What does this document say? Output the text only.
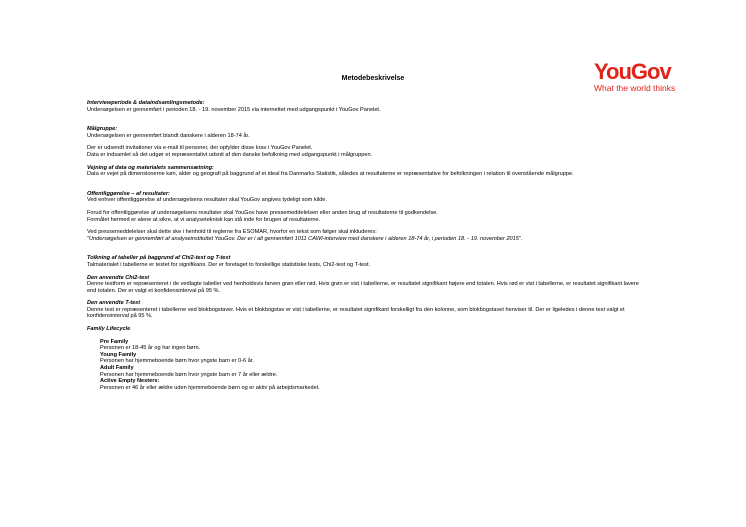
Metodebeskrivelse	YouGov
What the world thinks
Interviewperiode & dataindsamlingsmetode:
Undersøgelsen er gennemført i perioden 18. - 19. november 2015 via internettet med udgangspunkt i YouGov Panelet.
Målgruppe:
Undersøgelsen er gennemført blandt danskere i alderen 18-74 år.
Der er udsendt invitationer via e-mail til personer, der opfylder disse krav i YouGov Panelet.
Data er indsamlet så det udgør et repræsentativt udsnit af den danske befolkning med udgangspunkt i målgruppen.
Vejning af data og materialets sammensætning:
Data er vejet på dimensionerne køn, alder og geografi på baggrund af et ideal fra Danmarks Statistik, således at resultaterne er repræsentative for befolkningen i relation til ovenstående målgruppe.
Offentliggørelse – af resultater:
Ved enhver offentliggørelse af undersøgelsens resultater skal YouGov angives tydeligt som kilde.
Forud for offentliggørelse af undersøgelsens resultater skal YouGov have pressemeddelelsen eller anden brug af resultaterne til godkendelse.
Formålet hermed er alene at sikre, at vi analyseteknisk kan stå inde for brugen af resultaterne.
Ved pressemeddelelser skal dette ske i henhold til reglerne fra ESOMAR, hvorfor en tekst som følger skal inkluderes:
"Undersøgelsen er gennemført af analyseinstituttet YouGov. Der er i alt gennemført 1011 CAWI-interview med danskere i alderen 18-74 år, i perioden 18. - 19. november 2015".
Tolkning af tabeller på baggrund af Chi2-test og T-test
Talmaterialet i tabellerne er testet for signifikans. Der er foretaget to forskellige statistiske tests, Chi2-test og T-test.
Den anvendte Chi2-test
Denne testform er repræsenteret i de vedlagte tabeller ved henholdsvis farven grøn eller rød. Hvis grøn er vist i tabellerne, er resultatet signifikant højere end totalen. Hvis rød er vist i tabellerne, er resultatet signifikant lavere end totalen. Der er valgt et konfidensinterval på 95 %.
Den anvendte T-test
Denne test er repræsenteret i tabellerne ved blokbogstaver. Hvis et blokbogstav er vist i tabellerne, er resultatet signifikant forskelligt fra den kolonne, som blokbogstavet henviser til. Der er ligeledes i denne test valgt et konfidensinterval på 95 %.
Family Lifecycle
Pre Family
Personen er 18-45 år og har ingen børn.
Young Family
Personen har hjemmeboende børn hvor yngste barn er 0-6 år.
Adult Family
Personen har hjemmeboende børn hvor yngste barn er 7 år eller ældre.
Active Empty Nesters:
Personen er 46 år eller ældre uden hjemmeboende børn og er aktiv på arbejdsmarkedet.
